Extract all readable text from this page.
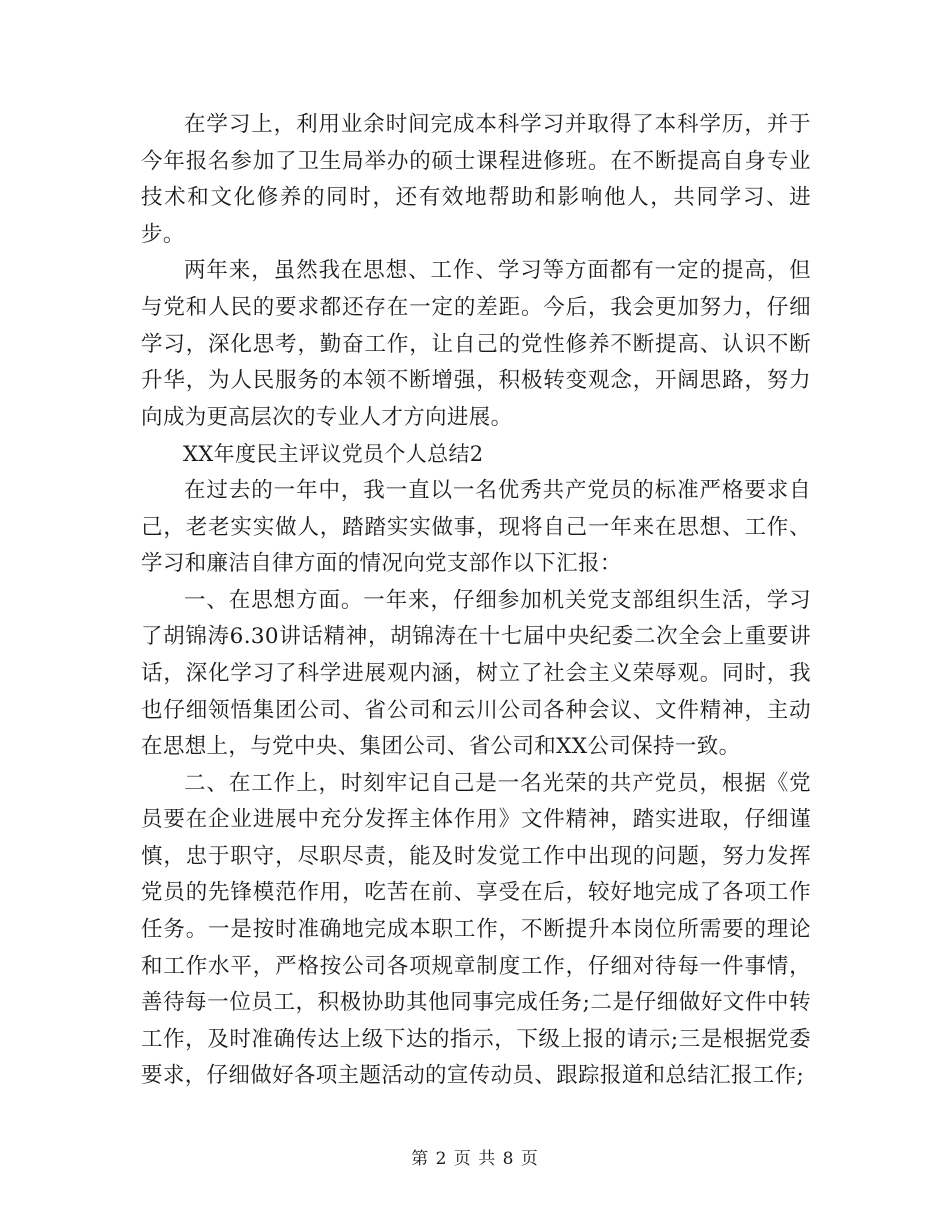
在学习上，利用业余时间完成本科学习并取得了本科学历，并于今年报名参加了卫生局举办的硕士课程进修班。在不断提高自身专业技术和文化修养的同时，还有效地帮助和影响他人，共同学习、进步。

两年来，虽然我在思想、工作、学习等方面都有一定的提高，但与党和人民的要求都还存在一定的差距。今后，我会更加努力，仔细学习，深化思考，勤奋工作，让自己的党性修养不断提高、认识不断升华，为人民服务的本领不断增强，积极转变观念，开阔思路，努力向成为更高层次的专业人才方向进展。

XX年度民主评议党员个人总结2

在过去的一年中，我一直以一名优秀共产党员的标准严格要求自己，老老实实做人，踏踏实实做事，现将自己一年来在思想、工作、学习和廉洁自律方面的情况向党支部作以下汇报：

一、在思想方面。一年来，仔细参加机关党支部组织生活，学习了胡锦涛6.30讲话精神，胡锦涛在十七届中央纪委二次全会上重要讲话，深化学习了科学进展观内涵，树立了社会主义荣辱观。同时，我也仔细领悟集团公司、省公司和云川公司各种会议、文件精神，主动在思想上，与党中央、集团公司、省公司和XX公司保持一致。

二、在工作上，时刻牢记自己是一名光荣的共产党员，根据《党员要在企业进展中充分发挥主体作用》文件精神，踏实进取，仔细谨慎，忠于职守，尽职尽责，能及时发觉工作中出现的问题，努力发挥党员的先锋模范作用，吃苦在前、享受在后，较好地完成了各项工作任务。一是按时准确地完成本职工作，不断提升本岗位所需要的理论和工作水平，严格按公司各项规章制度工作，仔细对待每一件事情，善待每一位员工，积极协助其他同事完成任务;二是仔细做好文件中转工作，及时准确传达上级下达的指示，下级上报的请示;三是根据党委要求，仔细做好各项主题活动的宣传动员、跟踪报道和总结汇报工作;

第 2 页 共 8 页
